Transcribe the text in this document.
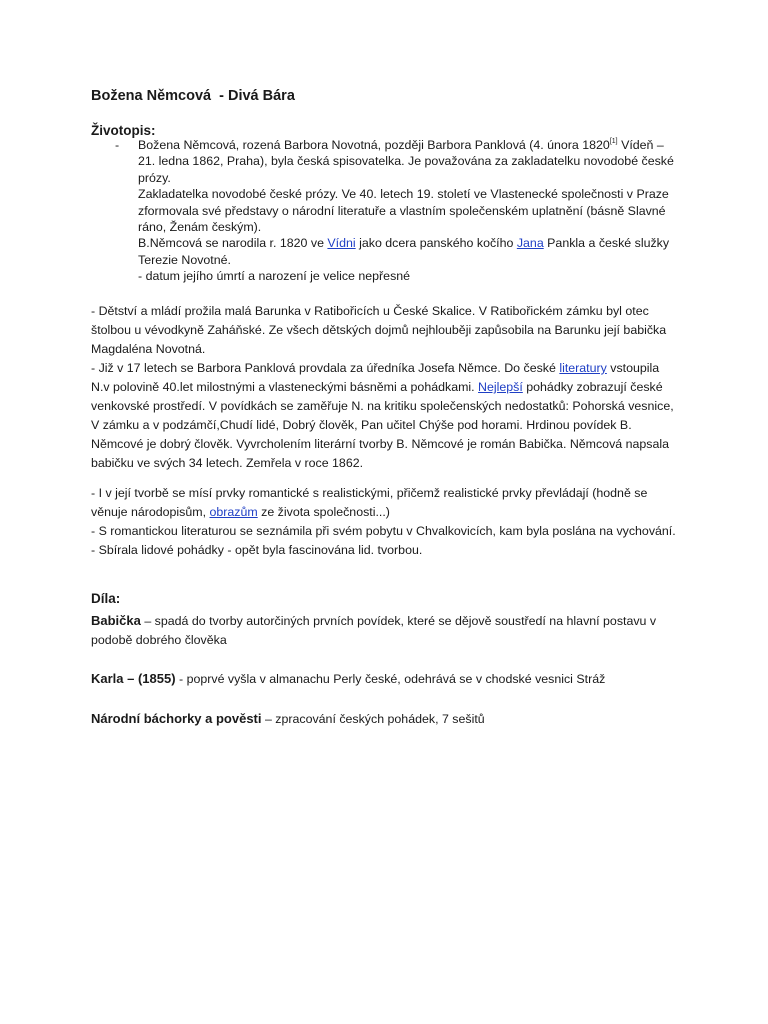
Božena Němcová  - Divá Bára
Životopis:
- Božena Němcová, rozená Barbora Novotná, později Barbora Panklová (4. února 1820[1] Vídeň – 21. ledna 1862, Praha), byla česká spisovatelka. Je považována za zakladatelku novodobé české prózy.

Zakladatelka novodobé české prózy. Ve 40. letech 19. století ve Vlastenecké společnosti v Praze zformovala své představy o národní literatuře a vlastním společenském uplatnění (básně Slavné ráno, Ženám českým).

B.Němcová se narodila r. 1820 ve Vídni jako dcera panského kočího Jana Pankla a české služky Terezie Novotné.

- datum jejího úmrtí a narození je velice nepřesné

- Dětství a mládí prožila malá Barunka v Ratibořicích u České Skalice. V Ratibořickém zámku byl otec štolbou u vévodkyně Zaháňské. Ze všech dětských dojmů nejhlouběji zapůsobila na Barunku její babička Magdaléna Novotná.

- Již v 17 letech se Barbora Panklová provdala za úředníka Josefa Němce. Do české literatury vstoupila N.v polovině 40.let milostnými a vlasteneckými básněmi a pohádkami. Nejlepší pohádky zobrazují české venkovské prostředí. V povídkách se zaměřuje N. na kritiku společenských nedostatků: Pohorská vesnice, V zámku a v podzámčí,Chudí lidé, Dobrý člověk, Pan učitel Chýše pod horami. Hrdinou povídek B. Němcové je dobrý člověk. Vyvrcholením literární tvorby B. Němcové je román Babička. Němcová napsala babičku ve svých 34 letech. Zemřela v roce 1862.

- I v její tvorbě se mísí prvky romantické s realistickými, přičemž realistické prvky převládají (hodně se věnuje národopisům, obrazům ze života společnosti...)

- S romantickou literaturou se seznámila při svém pobytu v Chvalkovicích, kam byla poslána na vychování.

- Sbírala lidové pohádky - opět byla fascinována lid. tvorbou.

Díla:
Babička – spadá do tvorby autorčiných prvních povídek, které se dějově soustředí na hlavní postavu v podobě dobrého člověka
Karla – (1855) - poprvé vyšla v almanachu Perly české, odehrává se v chodské vesnici Stráž
Národní báchorky a pověsti – zpracování českých pohádek, 7 sešitů
